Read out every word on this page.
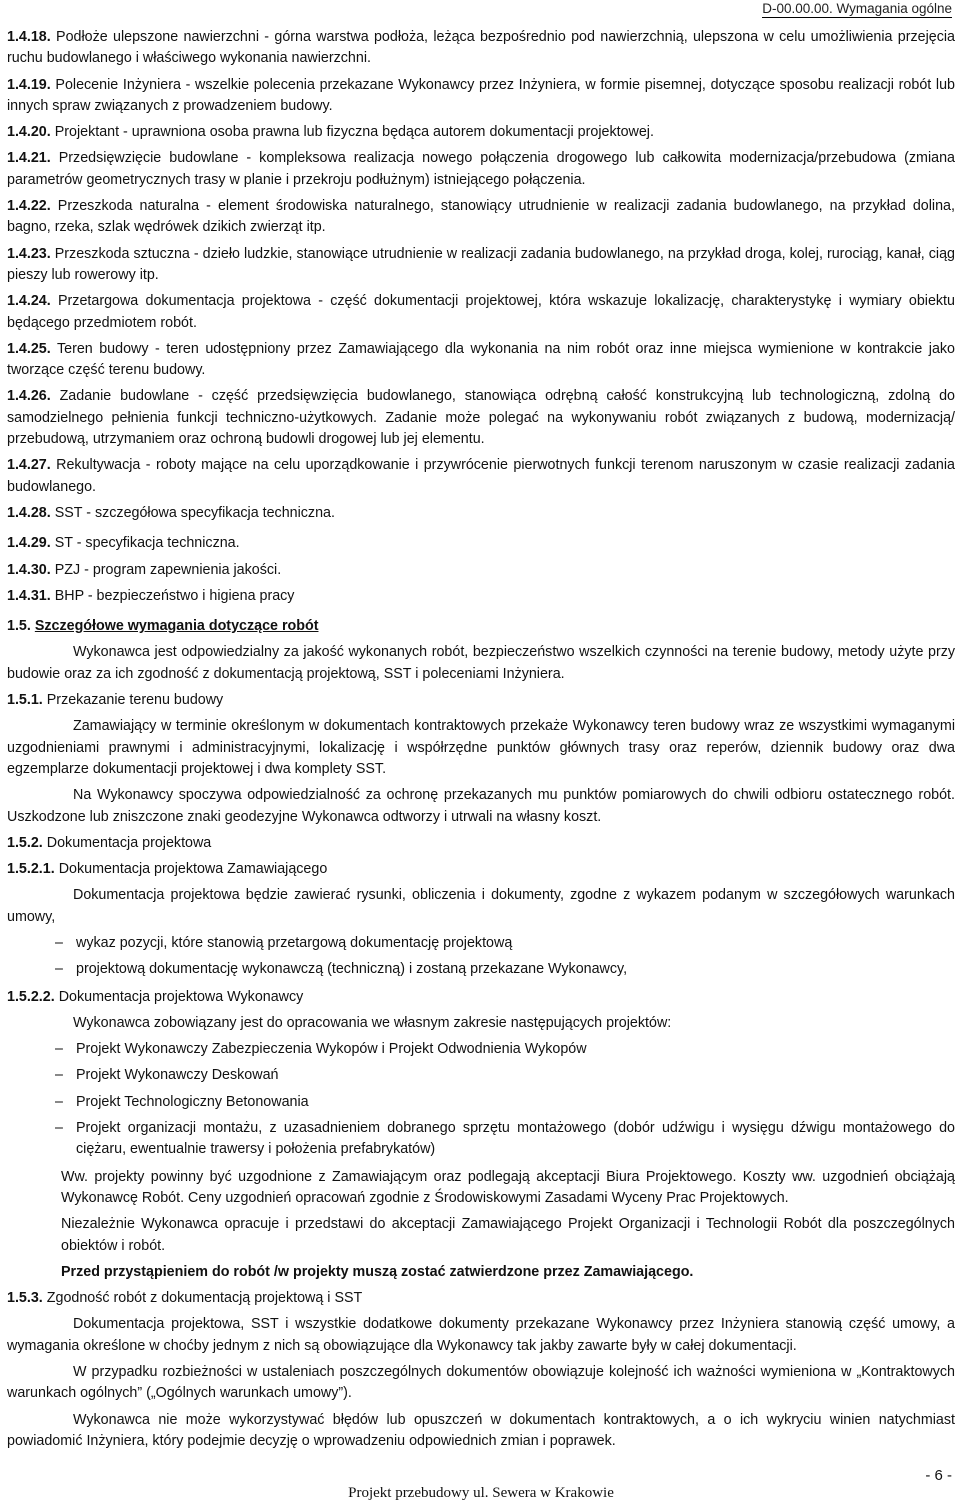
D-00.00.00. Wymagania ogólne

1.4.18. Podłoże ulepszone nawierzchni - górna warstwa podłoża, leżąca bezpośrednio pod nawierzchnią, ulepszona w celu umożliwienia przejęcia ruchu budowlanego i właściwego wykonania nawierzchni.

1.4.19. Polecenie Inżyniera - wszelkie polecenia przekazane Wykonawcy przez Inżyniera, w formie pisemnej, dotyczące sposobu realizacji robót lub innych spraw związanych z prowadzeniem budowy.

1.4.20. Projektant - uprawniona osoba prawna lub fizyczna będąca autorem dokumentacji projektowej.

1.4.21. Przedsięwzięcie budowlane - kompleksowa realizacja nowego połączenia drogowego lub całkowita modernizacja/przebudowa (zmiana parametrów geometrycznych trasy w planie i przekroju podłużnym) istniejącego połączenia.

1.4.22. Przeszkoda naturalna - element środowiska naturalnego, stanowiący utrudnienie w realizacji zadania budowlanego, na przykład dolina, bagno, rzeka, szlak wędrówek dzikich zwierząt itp.

1.4.23. Przeszkoda sztuczna - dzieło ludzkie, stanowiące utrudnienie w realizacji zadania budowlanego, na przykład droga, kolej, rurociąg, kanał, ciąg pieszy lub rowerowy itp.

1.4.24. Przetargowa dokumentacja projektowa - część dokumentacji projektowej, która wskazuje lokalizację, charakterystykę i wymiary obiektu będącego przedmiotem robót.

1.4.25. Teren budowy - teren udostępniony przez Zamawiającego dla wykonania na nim robót oraz inne miejsca wymienione w kontrakcie jako tworzące część terenu budowy.

1.4.26. Zadanie budowlane - część przedsięwzięcia budowlanego, stanowiąca odrębną całość konstrukcyjną lub technologiczną, zdolną do samodzielnego pełnienia funkcji techniczno-użytkowych. Zadanie może polegać na wykonywaniu robót związanych z budową, modernizacją/ przebudową, utrzymaniem oraz ochroną budowli drogowej lub jej elementu.

1.4.27. Rekultywacja - roboty mające na celu uporządkowanie i przywrócenie pierwotnych funkcji terenom naruszonym w czasie realizacji zadania budowlanego.

1.4.28. SST - szczegółowa specyfikacja techniczna.

1.4.29. ST - specyfikacja techniczna.

1.4.30. PZJ - program zapewnienia jakości.

1.4.31. BHP - bezpieczeństwo i higiena pracy

1.5. Szczegółowe wymagania dotyczące robót

Wykonawca jest odpowiedzialny za jakość wykonanych robót, bezpieczeństwo wszelkich czynności na terenie budowy, metody użyte przy budowie oraz za ich zgodność z dokumentacją projektową, SST i poleceniami Inżyniera.

1.5.1. Przekazanie terenu budowy

Zamawiający w terminie określonym w dokumentach kontraktowych przekaże Wykonawcy teren budowy wraz ze wszystkimi wymaganymi uzgodnieniami prawnymi i administracyjnymi, lokalizację i współrzędne punktów głównych trasy oraz reperów, dziennik budowy oraz dwa egzemplarze dokumentacji projektowej i dwa komplety SST.

Na Wykonawcy spoczywa odpowiedzialność za ochronę przekazanych mu punktów pomiarowych do chwili odbioru ostatecznego robót. Uszkodzone lub zniszczone znaki geodezyjne Wykonawca odtworzy i utrwali na własny koszt.

1.5.2. Dokumentacja projektowa

1.5.2.1. Dokumentacja projektowa Zamawiającego

Dokumentacja projektowa będzie zawierać rysunki, obliczenia i dokumenty, zgodne z wykazem podanym w szczegółowych warunkach umowy,

– wykaz pozycji, które stanowią przetargową dokumentację projektową
– projektową dokumentację wykonawczą (techniczną) i zostaną przekazane Wykonawcy,

1.5.2.2. Dokumentacja projektowa Wykonawcy

Wykonawca zobowiązany jest do opracowania we własnym zakresie następujących projektów:

– Projekt Wykonawczy Zabezpieczenia Wykopów i Projekt Odwodnienia Wykopów
– Projekt Wykonawczy Deskowań
– Projekt Technologiczny Betonowania
– Projekt organizacji montażu, z uzasadnieniem dobranego sprzętu montażowego (dobór udźwigu i wysięgu dźwigu montażowego do ciężaru, ewentualnie trawersy i położenia prefabrykatów)

Ww. projekty powinny być uzgodnione z Zamawiającym oraz podlegają akceptacji Biura Projektowego. Koszty ww. uzgodnień obciążają Wykonawcę Robót. Ceny uzgodnień opracowań zgodnie z Środowiskowymi Zasadami Wyceny Prac Projektowych.

Niezależnie Wykonawca opracuje i przedstawi do akceptacji Zamawiającego Projekt Organizacji i Technologii Robót dla poszczególnych obiektów i robót.

Przed przystąpieniem do robót /w projekty muszą zostać zatwierdzone przez Zamawiającego.

1.5.3. Zgodność robót z dokumentacją projektową i SST

Dokumentacja projektowa, SST i wszystkie dodatkowe dokumenty przekazane Wykonawcy przez Inżyniera stanowią część umowy, a wymagania określone w choćby jednym z nich są obowiązujące dla Wykonawcy tak jakby zawarte były w całej dokumentacji.

W przypadku rozbieżności w ustaleniach poszczególnych dokumentów obowiązuje kolejność ich ważności wymieniona w „Kontraktowych warunkach ogólnych” („Ogólnych warunkach umowy”).

Wykonawca nie może wykorzystywać błędów lub opuszczeń w dokumentach kontraktowych, a o ich wykryciu winien natychmiast powiadomić Inżyniera, który podejmie decyzję o wprowadzeniu odpowiednich zmian i poprawek.

- 6 -
Projekt przebudowy ul. Sewera w Krakowie
